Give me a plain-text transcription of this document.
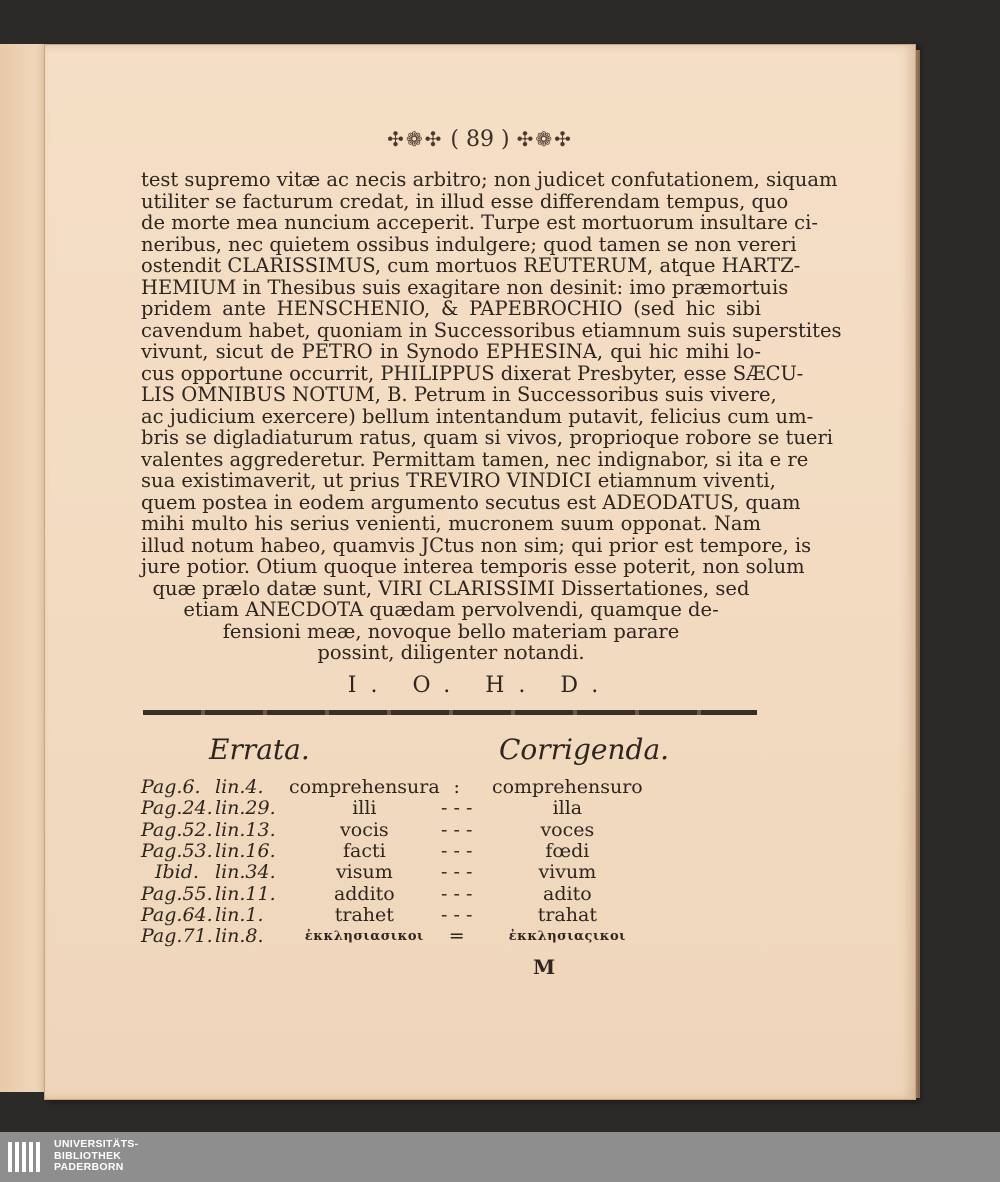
✣❁✣ ( 89 ) ✣❁✣
test supremo vitæ ac necis arbitro; non judicet confutationem, siquam
utiliter se facturum credat, in illud esse differendam tempus, quo
de morte mea nuncium acceperit. Turpe est mortuorum insultare ci-
neribus, nec quietem ossibus indulgere; quod tamen se non vereri
ostendit CLARISSIMUS, cum mortuos REUTERUM, atque HARTZ-
HEMIUM in Thesibus suis exagitare non desinit: imo præmortuis
pridem ante HENSCHENIO, & PAPEBROCHIO (sed hic sibi
cavendum habet, quoniam in Successoribus etiamnum suis superstites
vivunt, sicut de PETRO in Synodo EPHESINA, qui hic mihi lo-
cus opportune occurrit, PHILIPPUS dixerat Presbyter, esse SÆCU-
LIS OMNIBUS NOTUM, B. Petrum in Successoribus suis vivere,
ac judicium exercere) bellum intentandum putavit, felicius cum um-
bris se digladiaturum ratus, quam si vivos, proprioque robore se tueri
valentes aggrederetur. Permittam tamen, nec indignabor, si ita e re
sua existimaverit, ut prius TREVIRO VINDICI etiamnum viventi,
quem postea in eodem argumento secutus est ADEODATUS, quam
mihi multo his serius venienti, mucronem suum opponat. Nam
illud notum habeo, quamvis JCtus non sim; qui prior est tempore, is
jure potior. Otium quoque interea temporis esse poterit, non solum
quæ prælo datæ sunt, VIRI CLARISSIMI Dissertationes, sed
etiam ANECDOTA quædam pervolvendi, quamque de-
fensioni meæ, novoque bello materiam parare
possint, diligenter notandi.
I. O. H. D.
Errata.	Corrigenda.
Pag.6.	lin.4.	comprehensura	:	comprehensuro
Pag.24.	lin.29.	illi	- - -	illa
Pag.52.	lin.13.	vocis	- - -	voces
Pag.53.	lin.16.	facti	- - -	fœdi
Ibid.	lin.34.	visum	- - -	vivum
Pag.55.	lin.11.	addito	- - -	adito
Pag.64.	lin.1.	trahet	- - -	trahat
Pag.71.	lin.8.	ἐκκλησιασικοι	=	ἐκκλησιαςικοι
M
UNIVERSITÄTS-
BIBLIOTHEK
PADERBORN
